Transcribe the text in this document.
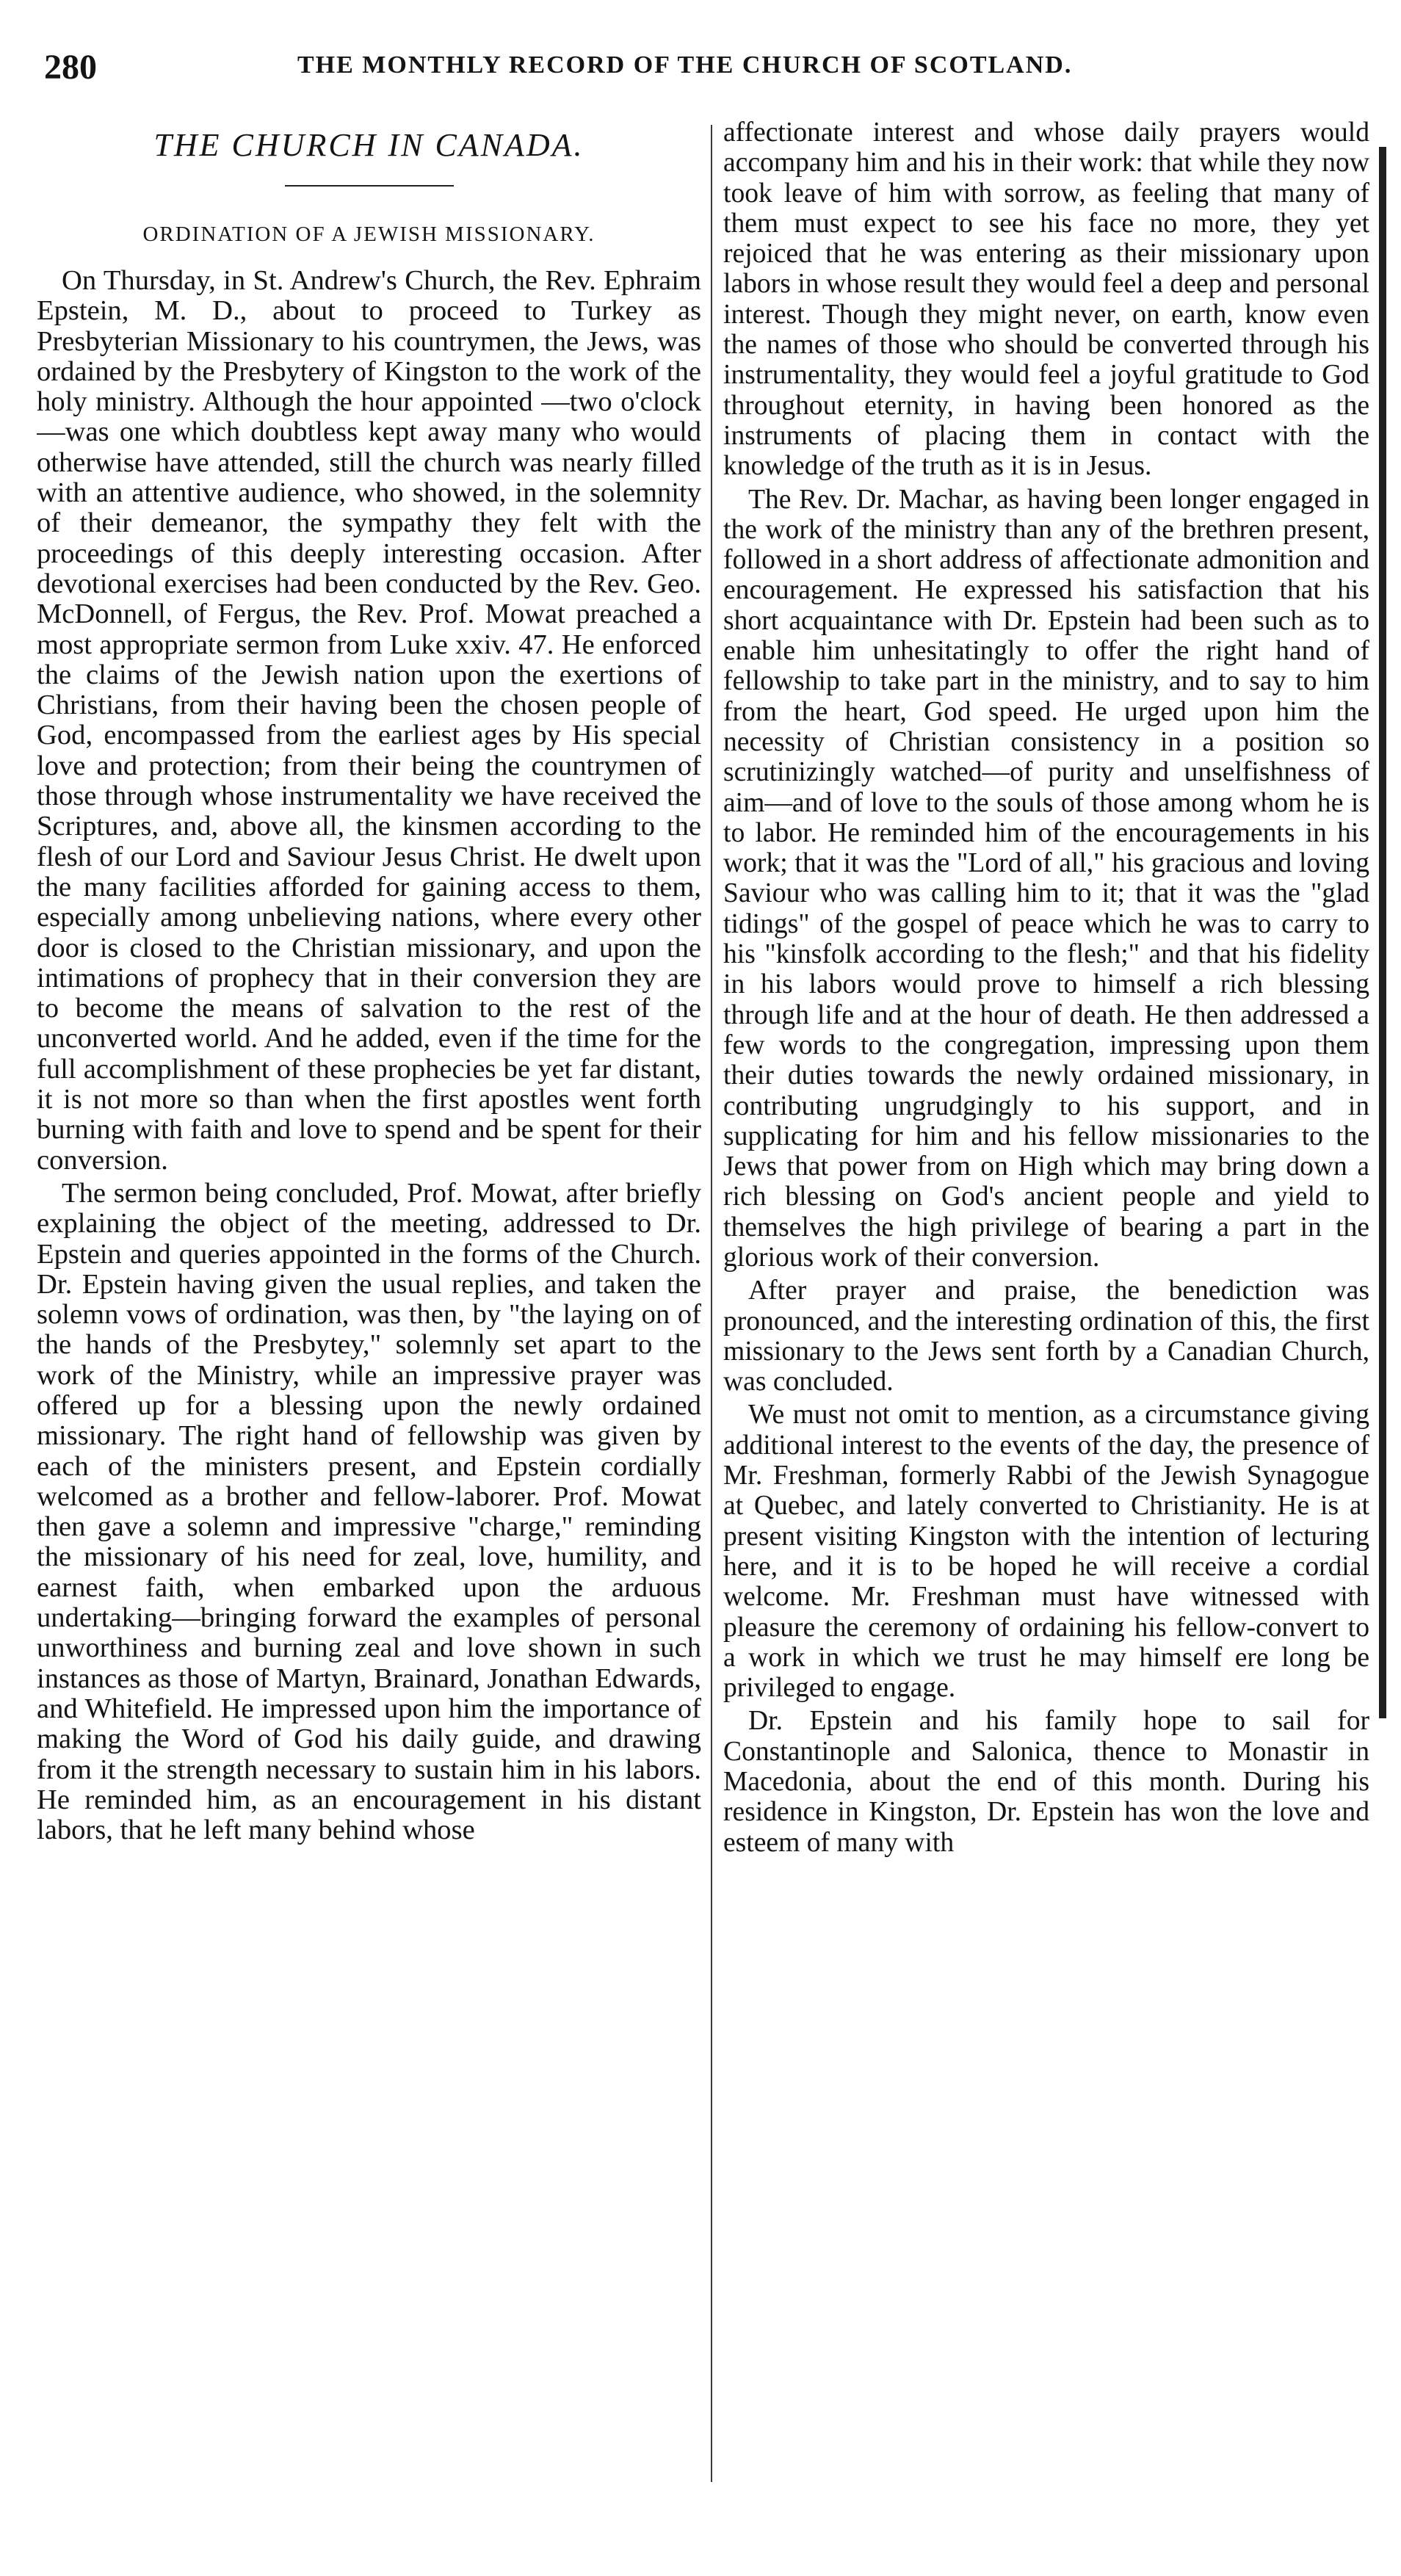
280	THE MONTHLY RECORD OF THE CHURCH OF SCOTLAND.
THE CHURCH IN CANADA.
ORDINATION OF A JEWISH MISSIONARY.

On Thursday, in St. Andrew's Church, the Rev. Ephraim Epstein, M. D., about to proceed to Turkey as Presbyterian Missionary to his countrymen, the Jews, was ordained by the Presbytery of Kingston to the work of the holy ministry. Although the hour appointed —two o'clock—was one which doubtless kept away many who would otherwise have attended, still the church was nearly filled with an attentive audience, who showed, in the solemnity of their demeanor, the sympathy they felt with the proceedings of this deeply interesting occasion. After devotional exercises had been conducted by the Rev. Geo. McDonnell, of Fergus, the Rev. Prof. Mowat preached a most appropriate sermon from Luke xxiv. 47. He enforced the claims of the Jewish nation upon the exertions of Christians, from their having been the chosen people of God, encompassed from the earliest ages by His special love and protection; from their being the countrymen of those through whose instrumentality we have received the Scriptures, and, above all, the kinsmen according to the flesh of our Lord and Saviour Jesus Christ. He dwelt upon the many facilities afforded for gaining access to them, especially among unbelieving nations, where every other door is closed to the Christian missionary, and upon the intimations of prophecy that in their conversion they are to become the means of salvation to the rest of the unconverted world. And he added, even if the time for the full accomplishment of these prophecies be yet far distant, it is not more so than when the first apostles went forth burning with faith and love to spend and be spent for their conversion.

The sermon being concluded, Prof. Mowat, after briefly explaining the object of the meeting, addressed to Dr. Epstein and queries appointed in the forms of the Church. Dr. Epstein having given the usual replies, and taken the solemn vows of ordination, was then, by "the laying on of the hands of the Presbytey," solemnly set apart to the work of the Ministry, while an impressive prayer was offered up for a blessing upon the newly ordained missionary. The right hand of fellowship was given by each of the ministers present, and Epstein cordially welcomed as a brother and fellow-laborer. Prof. Mowat then gave a solemn and impressive "charge," reminding the missionary of his need for zeal, love, humility, and earnest faith, when embarked upon the arduous undertaking—bringing forward the examples of personal unworthiness and burning zeal and love shown in such instances as those of Martyn, Brainard, Jonathan Edwards, and Whitefield. He impressed upon him the importance of making the Word of God his daily guide, and drawing from it the strength necessary to sustain him in his labors. He reminded him, as an encouragement in his distant labors, that he left many behind whose

affectionate interest and whose daily prayers would accompany him and his in their work: that while they now took leave of him with sorrow, as feeling that many of them must expect to see his face no more, they yet rejoiced that he was entering as their missionary upon labors in whose result they would feel a deep and personal interest. Though they might never, on earth, know even the names of those who should be converted through his instrumentality, they would feel a joyful gratitude to God throughout eternity, in having been honored as the instruments of placing them in contact with the knowledge of the truth as it is in Jesus.

The Rev. Dr. Machar, as having been longer engaged in the work of the ministry than any of the brethren present, followed in a short address of affectionate admonition and encouragement. He expressed his satisfaction that his short acquaintance with Dr. Epstein had been such as to enable him unhesitatingly to offer the right hand of fellowship to take part in the ministry, and to say to him from the heart, God speed. He urged upon him the necessity of Christian consistency in a position so scrutinizingly watched—of purity and unselfishness of aim—and of love to the souls of those among whom he is to labor. He reminded him of the encouragements in his work; that it was the "Lord of all," his gracious and loving Saviour who was calling him to it; that it was the "glad tidings" of the gospel of peace which he was to carry to his "kinsfolk according to the flesh;" and that his fidelity in his labors would prove to himself a rich blessing through life and at the hour of death. He then addressed a few words to the congregation, impressing upon them their duties towards the newly ordained missionary, in contributing ungrudgingly to his support, and in supplicating for him and his fellow missionaries to the Jews that power from on High which may bring down a rich blessing on God's ancient people and yield to themselves the high privilege of bearing a part in the glorious work of their conversion.

After prayer and praise, the benediction was pronounced, and the interesting ordination of this, the first missionary to the Jews sent forth by a Canadian Church, was concluded.

We must not omit to mention, as a circumstance giving additional interest to the events of the day, the presence of Mr. Freshman, formerly Rabbi of the Jewish Synagogue at Quebec, and lately converted to Christianity. He is at present visiting Kingston with the intention of lecturing here, and it is to be hoped he will receive a cordial welcome. Mr. Freshman must have witnessed with pleasure the ceremony of ordaining his fellow-convert to a work in which we trust he may himself ere long be privileged to engage.

Dr. Epstein and his family hope to sail for Constantinople and Salonica, thence to Monastir in Macedonia, about the end of this month. During his residence in Kingston, Dr. Epstein has won the love and esteem of many with
